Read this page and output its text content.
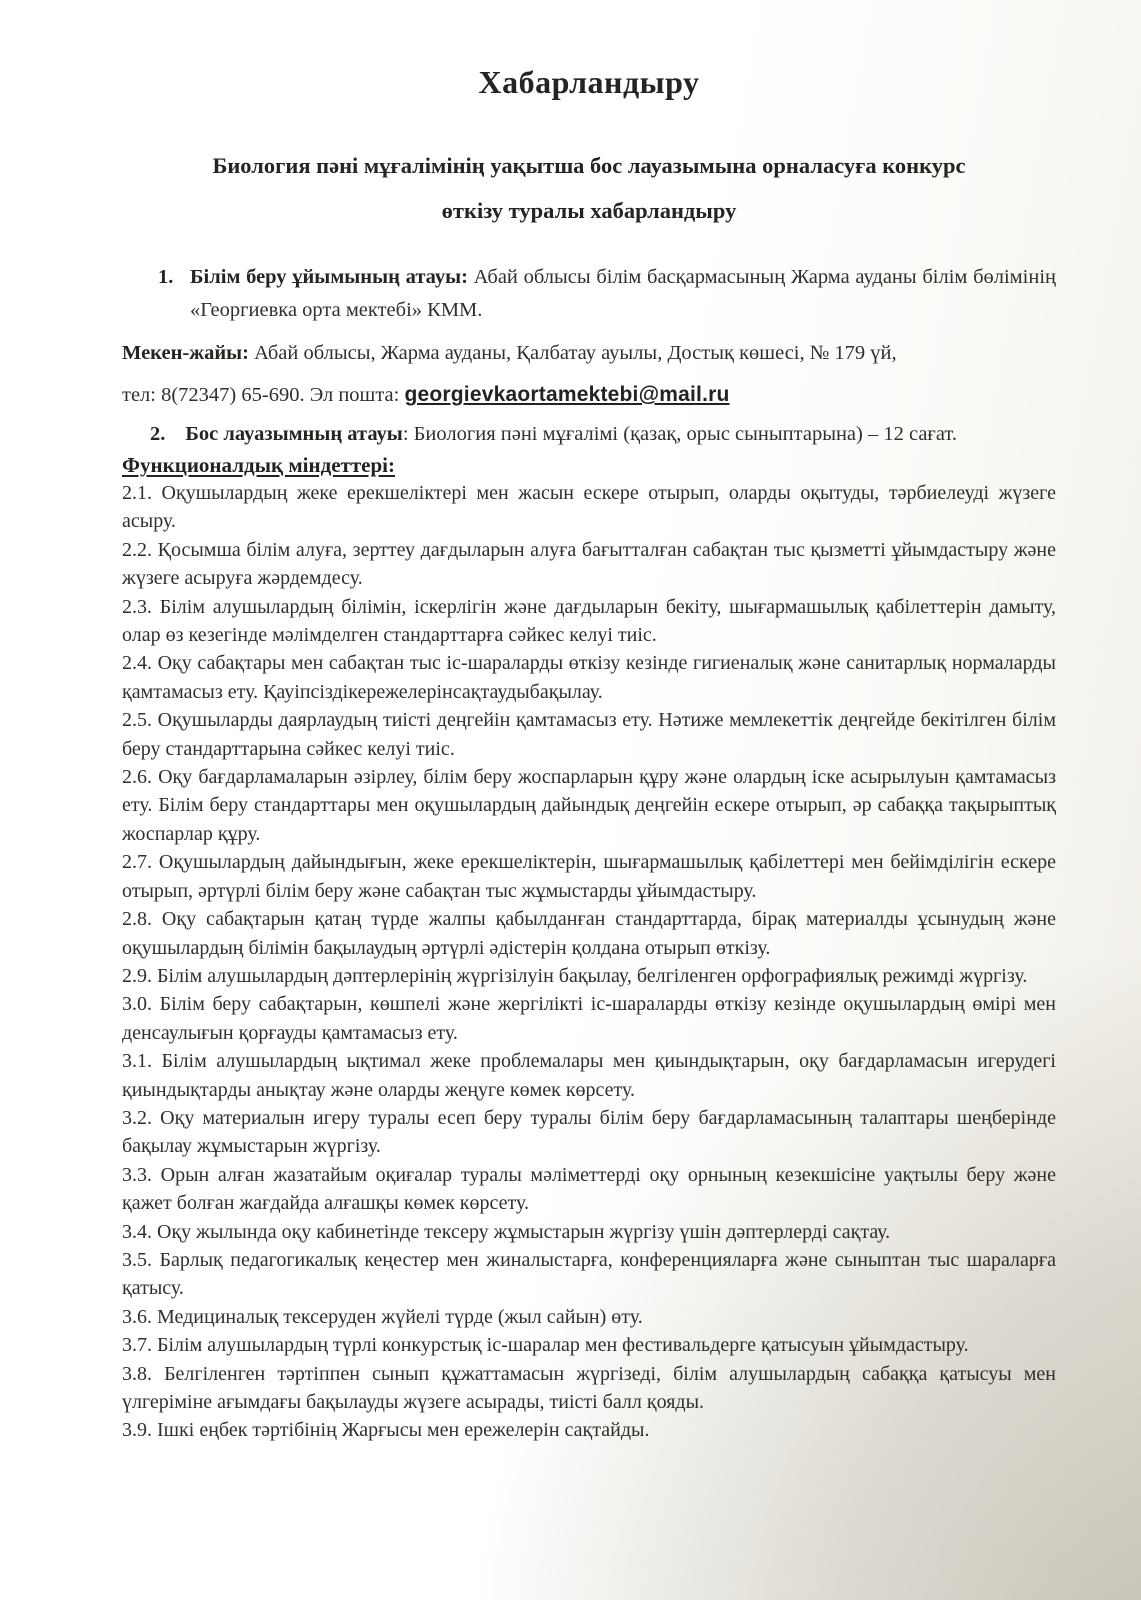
Хабарландыру
Биология пәні мұғалімінің уақытша бос лауазымына орналасуға конкурс
өткізу туралы хабарландыру
1. Білім беру ұйымының атауы: Абай облысы білім басқармасының Жарма ауданы білім бөлімінің «Георгиевка орта мектебі» КММ.

Мекен-жайы: Абай облысы, Жарма ауданы, Қалбатау ауылы, Достық көшесі, № 179 үй,

тел: 8(72347) 65-690. Эл пошта: georgievkaortamektebi@mail.ru

2. Бос лауазымның атауы: Биология пәні мұғалімі (қазақ, орыс сыныптарына) – 12 сағат.

Функционалдық міндеттері:

2.1. Оқушылардың жеке ерекшеліктері мен жасын ескере отырып, оларды оқытуды, тәрбиелеуді жүзеге асыру.

2.2. Қосымша білім алуға, зерттеу дағдыларын алуға бағытталған сабақтан тыс қызметті ұйымдастыру және жүзеге асыруға жәрдемдесу.

2.3. Білім алушылардың білімін, іскерлігін және дағдыларын бекіту, шығармашылық қабілеттерін дамыту, олар өз кезегінде мәлімделген стандарттарға сәйкес келуі тиіс.

2.4. Оқу сабақтары мен сабақтан тыс іс-шараларды өткізу кезінде гигиеналық және санитарлық нормаларды қамтамасыз ету. Қауіпсіздікережелерінсақтаудыбақылау.

2.5. Оқушыларды даярлаудың тиісті деңгейін қамтамасыз ету. Нәтиже мемлекеттік деңгейде бекітілген білім беру стандарттарына сәйкес келуі тиіс.

2.6. Оқу бағдарламаларын әзірлеу, білім беру жоспарларын құру және олардың іске асырылуын қамтамасыз ету. Білім беру стандарттары мен оқушылардың дайындық деңгейін ескере отырып, әр сабаққа тақырыптық жоспарлар құру.

2.7. Оқушылардың дайындығын, жеке ерекшеліктерін, шығармашылық қабілеттері мен бейімділігін ескере отырып, әртүрлі білім беру және сабақтан тыс жұмыстарды ұйымдастыру.

2.8. Оқу сабақтарын қатаң түрде жалпы қабылданған стандарттарда, бірақ материалды ұсынудың және оқушылардың білімін бақылаудың әртүрлі әдістерін қолдана отырып өткізу.

2.9. Білім алушылардың дәптерлерінің жүргізілуін бақылау, белгіленген орфографиялық режимді жүргізу.

3.0. Білім беру сабақтарын, көшпелі және жергілікті іс-шараларды өткізу кезінде оқушылардың өмірі мен денсаулығын қорғауды қамтамасыз ету.

3.1. Білім алушылардың ықтимал жеке проблемалары мен қиындықтарын, оқу бағдарламасын игерудегі қиындықтарды анықтау және оларды жеңуге көмек көрсету.

3.2. Оқу материалын игеру туралы есеп беру туралы білім беру бағдарламасының талаптары шеңберінде бақылау жұмыстарын жүргізу.

3.3. Орын алған жазатайым оқиғалар туралы мәліметтерді оқу орнының кезекшісіне уақтылы беру және қажет болған жағдайда алғашқы көмек көрсету.

3.4. Оқу жылында оқу кабинетінде тексеру жұмыстарын жүргізу үшін дәптерлерді сақтау.

3.5. Барлық педагогикалық кеңестер мен жиналыстарға, конференцияларға және сыныптан тыс шараларға қатысу.

3.6. Медициналық тексеруден жүйелі түрде (жыл сайын) өту.

3.7. Білім алушылардың түрлі конкурстық іс-шаралар мен фестивальдерге қатысуын ұйымдастыру.

3.8. Белгіленген тәртіппен сынып құжаттамасын жүргізеді, білім алушылардың сабаққа қатысуы мен үлгеріміне ағымдағы бақылауды жүзеге асырады, тиісті балл қояды.

3.9. Ішкі еңбек тәртібінің Жарғысы мен ережелерін сақтайды.
